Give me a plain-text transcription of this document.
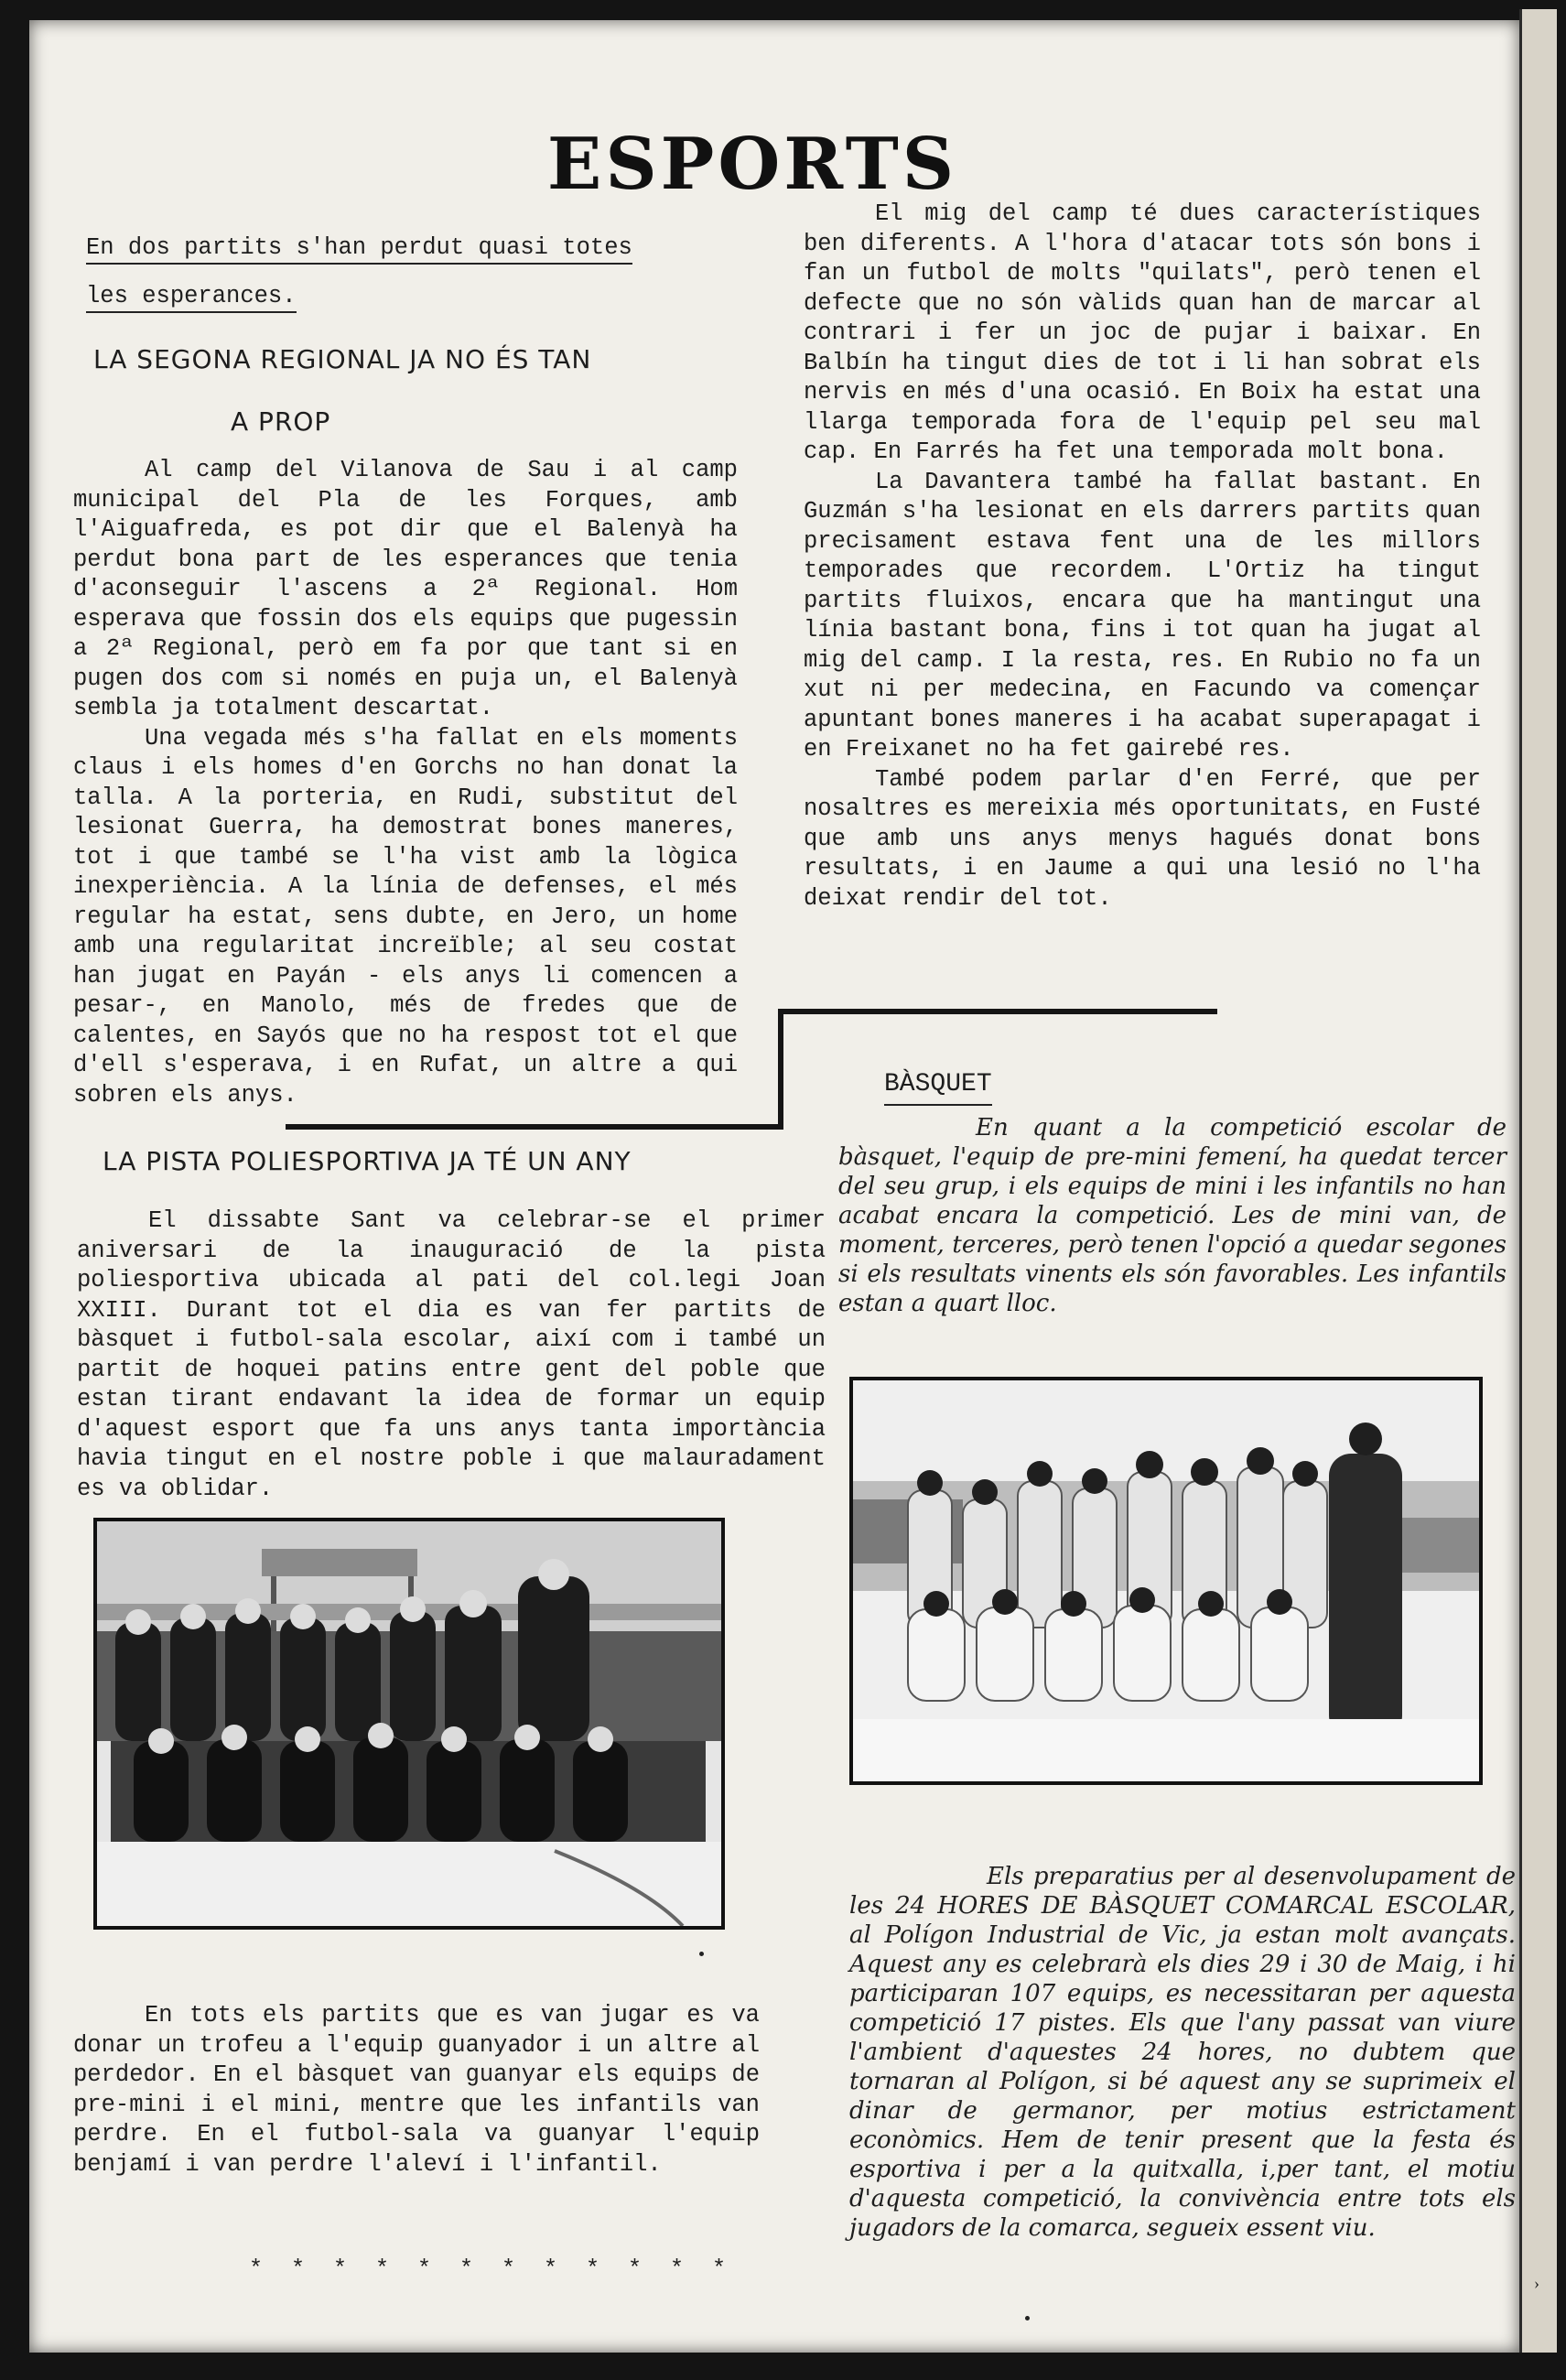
ESPORTS
En dos partits s'han perdut quasi totes
les esperances.
LA SEGONA REGIONAL JA NO ÉS TAN
A PROP

Al camp del Vilanova de Sau i al camp municipal del Pla de les Forques, amb l'Aiguafreda, es pot dir que el Balenyà ha perdut bona part de les esperances que tenia d'aconseguir l'ascens a 2ª Regional. Hom esperava que fossin dos els equips que pugessin a 2ª Regional, però em fa por que tant si en pugen dos com si només en puja un, el Balenyà sembla ja totalment descartat.

Una vegada més s'ha fallat en els moments claus i els homes d'en Gorchs no han donat la talla. A la porteria, en Rudi, substitut del lesionat Guerra, ha demostrat bones maneres, tot i que també se l'ha vist amb la lògica inexperiència. A la línia de defenses, el més regular ha estat, sens dubte, en Jero, un home amb una regularitat increïble; al seu costat han jugat en Payán - els anys li comencen a pesar-, en Manolo, més de fredes que de calentes, en Sayós que no ha respost tot el que d'ell s'esperava, i en Rufat, un altre a qui sobren els anys.

El mig del camp té dues característiques ben diferents. A l'hora d'atacar tots són bons i fan un futbol de molts "quilats", però tenen el defecte que no són vàlids quan han de marcar al contrari i fer un joc de pujar i baixar. En Balbín ha tingut dies de tot i li han sobrat els nervis en més d'una ocasió. En Boix ha estat una llarga temporada fora de l'equip pel seu mal cap. En Farrés ha fet una temporada molt bona.

La Davantera també ha fallat bastant. En Guzmán s'ha lesionat en els darrers partits quan precisament estava fent una de les millors temporades que recordem. L'Ortiz ha tingut partits fluixos, encara que ha mantingut una línia bastant bona, fins i tot quan ha jugat al mig del camp. I la resta, res. En Rubio no fa un xut ni per medecina, en Facundo va començar apuntant bones maneres i ha acabat superapagat i en Freixanet no ha fet gairebé res.

També podem parlar d'en Ferré, que per nosaltres es mereixia més oportunitats, en Fusté que amb uns anys menys hagués donat bons resultats, i en Jaume a qui una lesió no l'ha deixat rendir del tot.

LA PISTA POLIESPORTIVA JA TÉ UN ANY

El dissabte Sant va celebrar-se el primer aniversari de la inauguració de la pista poliesportiva ubicada al pati del col.legi Joan XXIII. Durant tot el dia es van fer partits de bàsquet i futbol-sala escolar, així com i també un partit de hoquei patins entre gent del poble que estan tirant endavant la idea de formar un equip d'aquest esport que fa uns anys tanta importància havia tingut en el nostre poble i que malauradament es va oblidar.

En tots els partits que es van jugar es va donar un trofeu a l'equip guanyador i un altre al perdedor. En el bàsquet van guanyar els equips de pre-mini i el mini, mentre que les infantils van perdre. En el futbol-sala va guanyar l'equip benjamí i van perdre l'aleví i l'infantil.

* * * * * * * * * * * *
BÀSQUET

En quant a la competició escolar de bàsquet, l'equip de pre-mini femení, ha quedat tercer del seu grup, i els equips de mini i les infantils no han acabat encara la competició. Les de mini van, de moment, terceres, però tenen l'opció a quedar segones si els resultats vinents els són favorables. Les infantils estan a quart lloc.

Els preparatius per al desenvolupament de les 24 HORES DE BÀSQUET COMARCAL ESCOLAR, al Polígon Industrial de Vic, ja estan molt avançats. Aquest any es celebrarà els dies 29 i 30 de Maig, i hi participaran 107 equips, es necessitaran per aquesta competició 17 pistes. Els que l'any passat van viure l'ambient d'aquestes 24 hores, no dubtem que tornaran al Polígon, si bé aquest any se suprimeix el dinar de germanor, per motius estrictament econòmics. Hem de tenir present que la festa és esportiva i per a la quitxalla, i,per tant, el motiu d'aquesta competició, la convivència entre tots els jugadors de la comarca, segueix essent viu.
